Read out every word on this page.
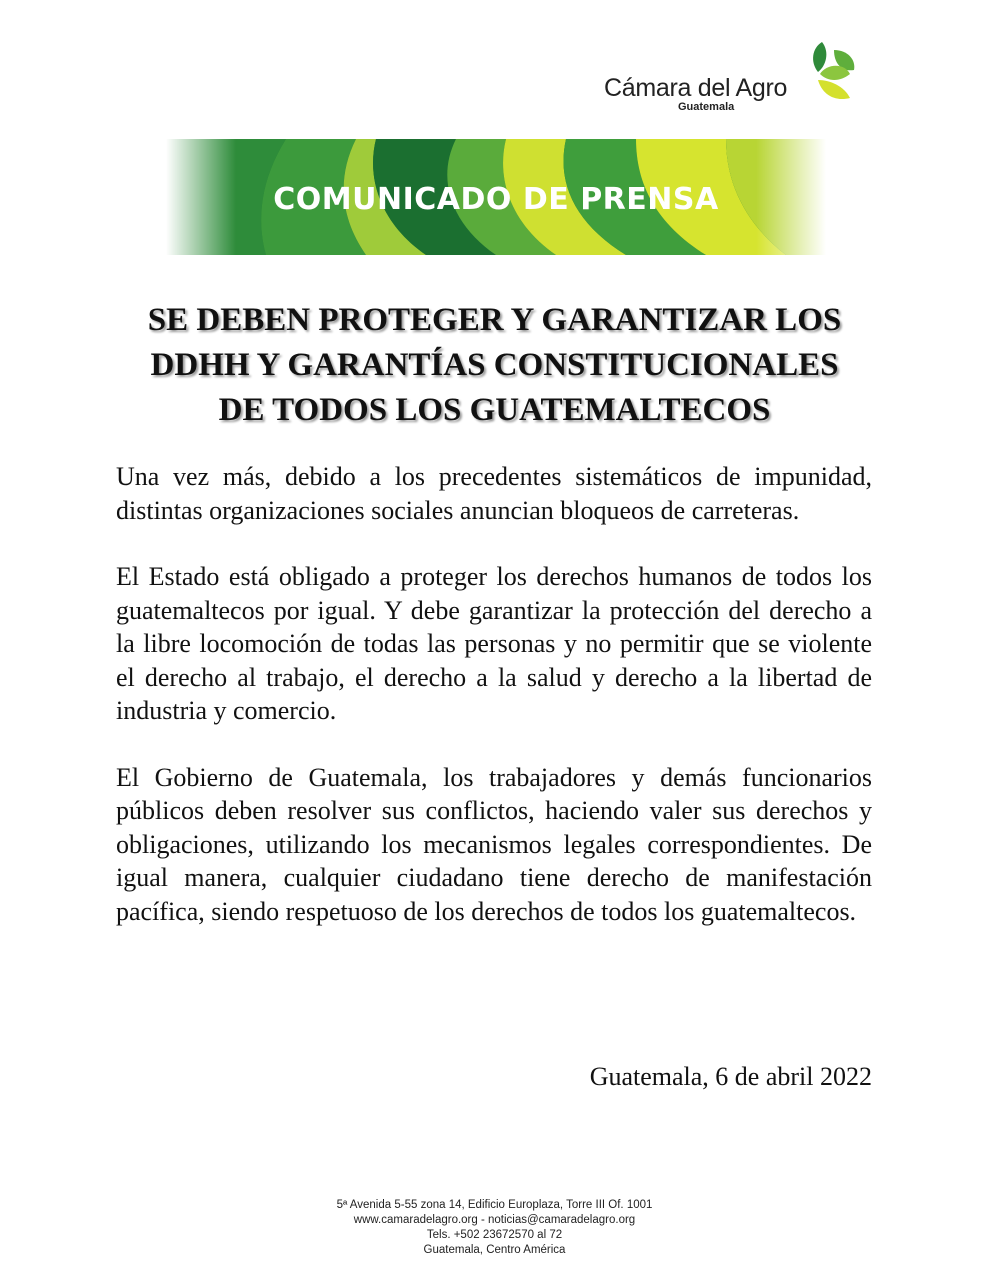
Cámara del Agro
Guatemala
COMUNICADO DE PRENSA
SE DEBEN PROTEGER Y GARANTIZAR LOS
DDHH Y GARANTÍAS CONSTITUCIONALES
DE TODOS LOS GUATEMALTECOS

Una vez más, debido a los precedentes sistemáticos de impunidad, distintas organizaciones sociales anuncian bloqueos de carreteras.

El Estado está obligado a proteger los derechos humanos de todos los guatemaltecos por igual. Y debe garantizar la protección del derecho a la libre locomoción de todas las personas y no permitir que se violente el derecho al trabajo, el derecho a la salud y derecho a la libertad de industria y comercio.

El Gobierno de Guatemala, los trabajadores y demás funcionarios públicos deben resolver sus conflictos, haciendo valer sus derechos y obligaciones, utilizando los mecanismos legales correspondientes. De igual manera, cualquier ciudadano tiene derecho de manifestación pacífica, siendo respetuoso de los derechos de todos los guatemaltecos.

Guatemala, 6 de abril 2022
5ª Avenida 5-55 zona 14, Edificio Europlaza, Torre III Of. 1001
www.camaradelagro.org - noticias@camaradelagro.org
Tels. +502 23672570 al 72
Guatemala, Centro América
